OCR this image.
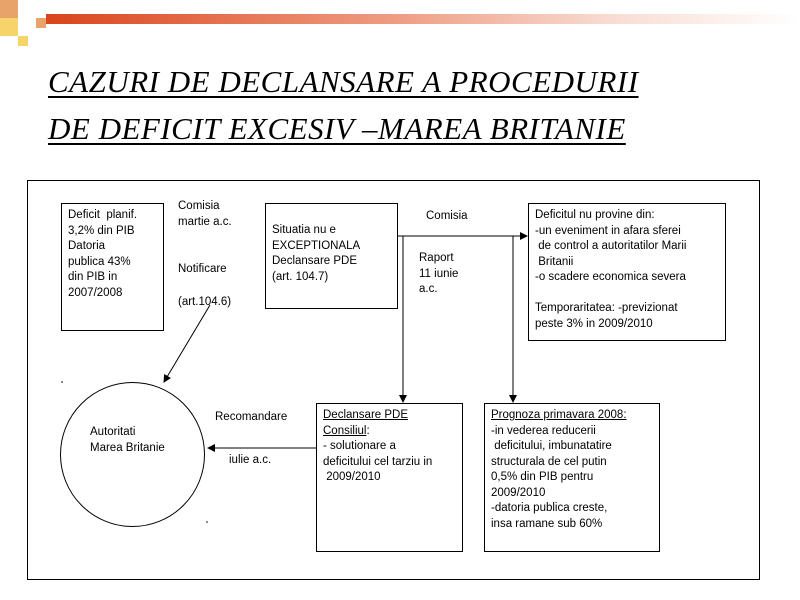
CAZURI DE DECLANSARE A PROCEDURII
DE DEFICIT EXCESIV –MAREA BRITANIE
Deficit  planif.
3,2% din PIB
Datoria
publica 43%
din PIB in
2007/2008
Situatia nu e
EXCEPTIONALA
Declansare PDE
(art. 104.7)
Deficitul nu provine din:
-un eveniment in afara sferei
de control a autoritatilor Marii
Britanii
-o scadere economica severa

Temporaritatea: -previzionat
peste 3% in 2009/2010
Declansare PDE
Consiliul:
- solutionare a
deficitului cel tarziu in
2009/2010
Prognoza primavara 2008:
-in vederea reducerii
deficitului, imbunatatire
structurala de cel putin
0,5% din PIB pentru
2009/2010
-datoria publica creste,
insa ramane sub 60%
Autoritati
Marea Britanie
Comisia
martie a.c.
Notificare
(art.104.6)
Comisia
Raport
11 iunie
a.c.
Recomandare
iulie a.c.
